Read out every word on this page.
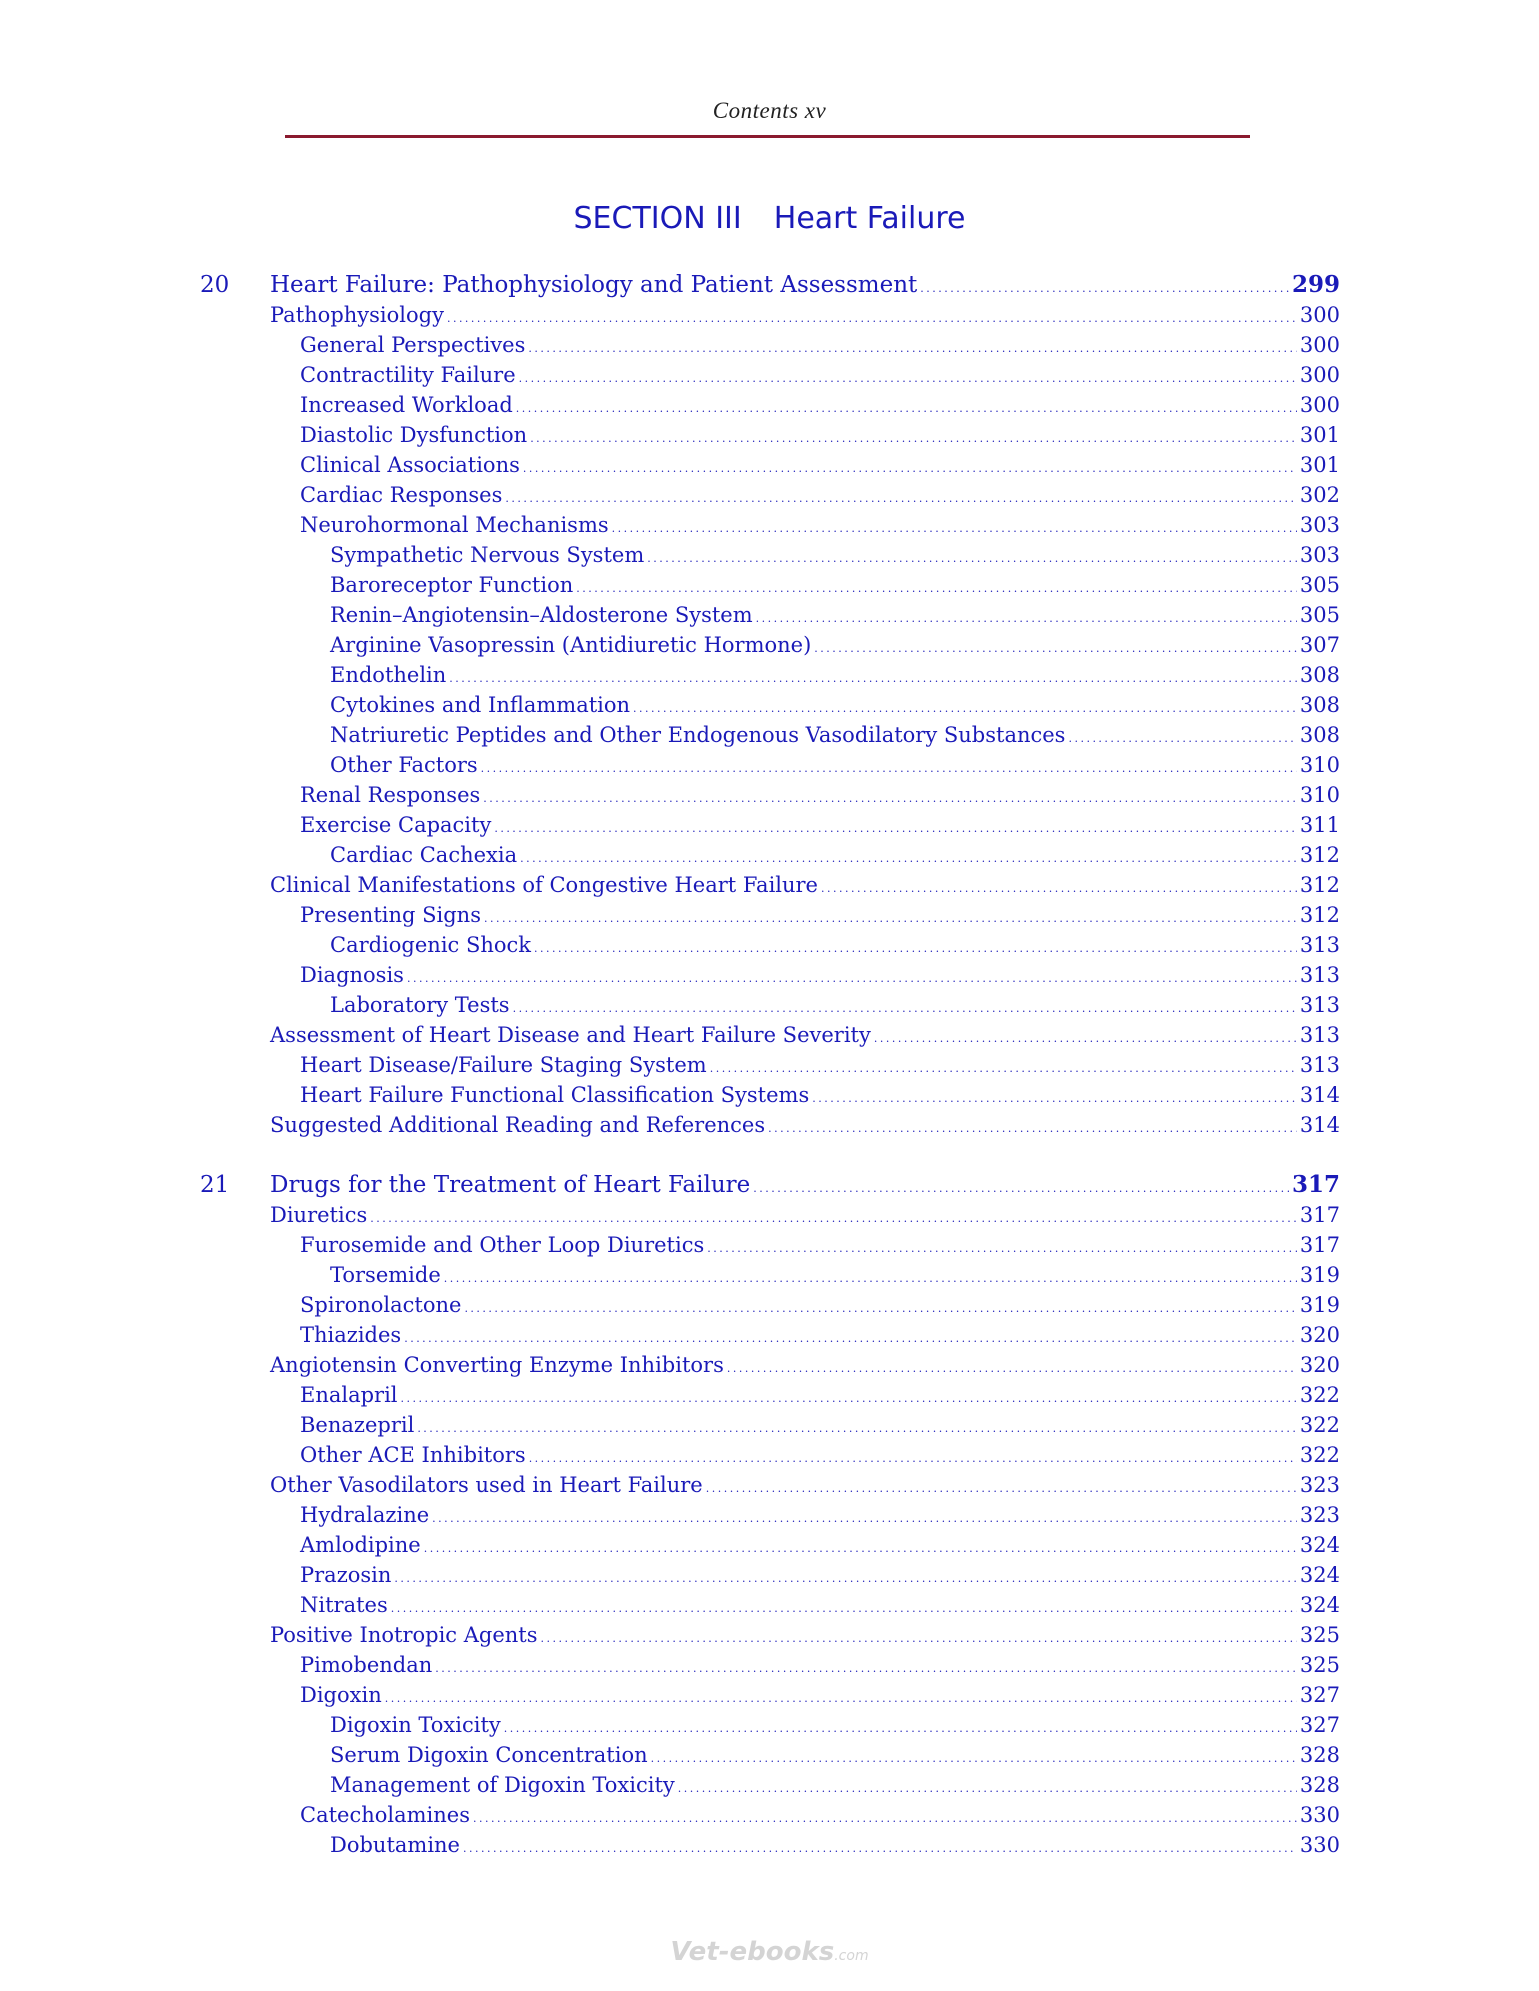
Contents xv
SECTION III Heart Failure
20	Heart Failure: Pathophysiology and Patient Assessment . . .	299
Pathophysiology . . .	300
General Perspectives . . .	300
Contractility Failure . . .	300
Increased Workload . . .	300
Diastolic Dysfunction . . .	301
Clinical Associations . . .	301
Cardiac Responses . . .	302
Neurohormonal Mechanisms . . .	303
Sympathetic Nervous System . . .	303
Baroreceptor Function . . .	305
Renin–Angiotensin–Aldosterone System . . .	305
Arginine Vasopressin (Antidiuretic Hormone) . . .	307
Endothelin . . .	308
Cytokines and Inflammation . . .	308
Natriuretic Peptides and Other Endogenous Vasodilatory Substances . . .	308
Other Factors . . .	310
Renal Responses . . .	310
Exercise Capacity . . .	311
Cardiac Cachexia . . .	312
Clinical Manifestations of Congestive Heart Failure . . .	312
Presenting Signs . . .	312
Cardiogenic Shock . . .	313
Diagnosis . . .	313
Laboratory Tests . . .	313
Assessment of Heart Disease and Heart Failure Severity . . .	313
Heart Disease/Failure Staging System . . .	313
Heart Failure Functional Classification Systems . . .	314
Suggested Additional Reading and References . . .	314
21	Drugs for the Treatment of Heart Failure . . .	317
Diuretics . . .	317
Furosemide and Other Loop Diuretics . . .	317
Torsemide . . .	319
Spironolactone . . .	319
Thiazides . . .	320
Angiotensin Converting Enzyme Inhibitors . . .	320
Enalapril . . .	322
Benazepril . . .	322
Other ACE Inhibitors . . .	322
Other Vasodilators used in Heart Failure . . .	323
Hydralazine . . .	323
Amlodipine . . .	324
Prazosin . . .	324
Nitrates . . .	324
Positive Inotropic Agents . . .	325
Pimobendan . . .	325
Digoxin . . .	327
Digoxin Toxicity . . .	327
Serum Digoxin Concentration . . .	328
Management of Digoxin Toxicity . . .	328
Catecholamines . . .	330
Dobutamine . . .	330
Vet-ebooks.com
